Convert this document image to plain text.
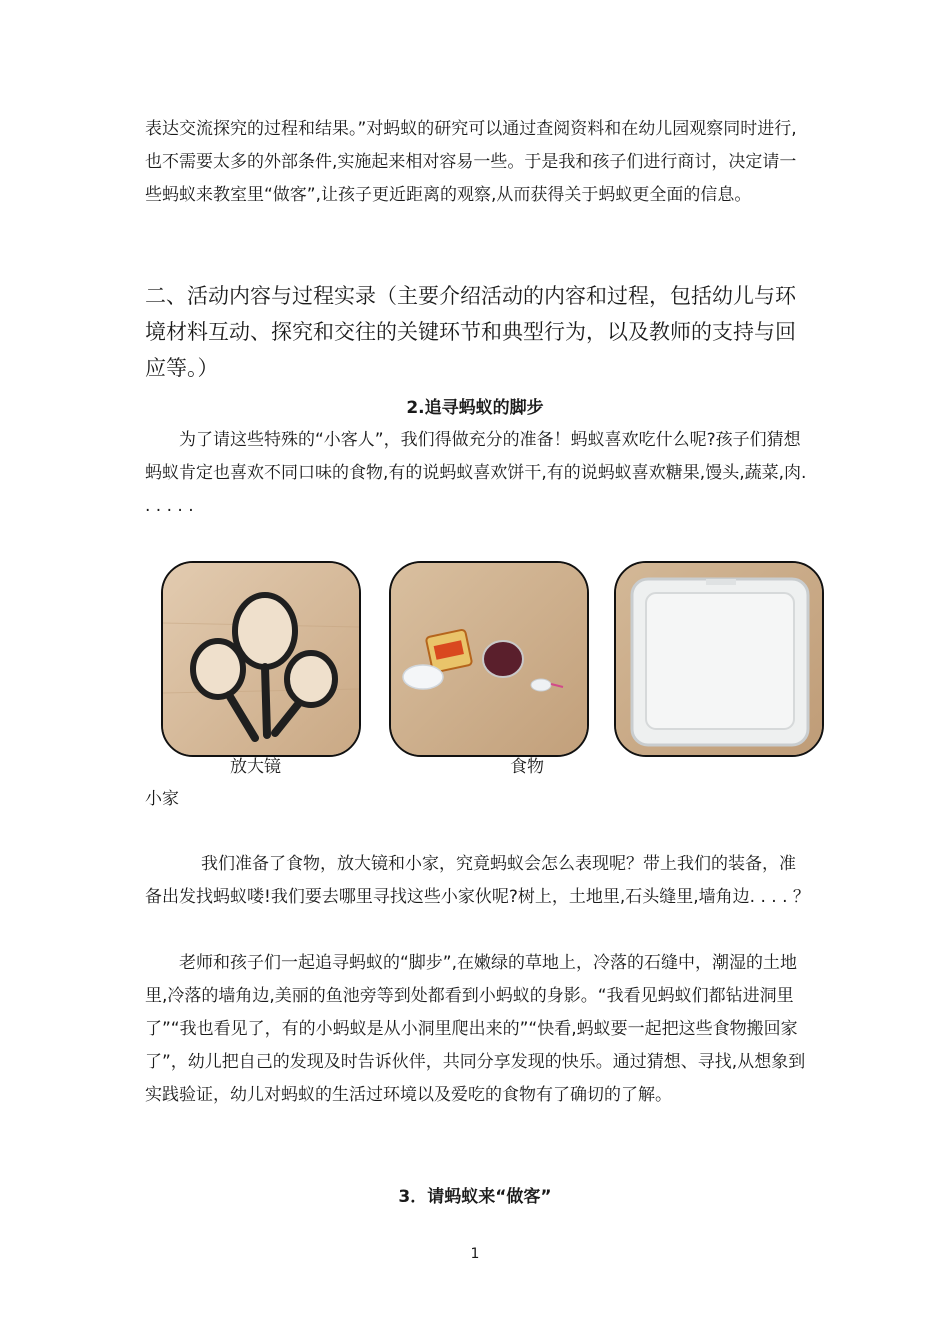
表达交流探究的过程和结果。”对蚂蚁的研究可以通过查阅资料和在幼儿园观察同时进行,也不需要太多的外部条件,实施起来相对容易一些。于是我和孩子们进行商讨，决定请一些蚂蚁来教室里“做客”,让孩子更近距离的观察,从而获得关于蚂蚁更全面的信息。

二、活动内容与过程实录（主要介绍活动的内容和过程，包括幼儿与环境材料互动、探究和交往的关键环节和典型行为，以及教师的支持与回应等。）

2.追寻蚂蚁的脚步

为了请这些特殊的“小客人”，我们得做充分的准备！蚂蚁喜欢吃什么呢?孩子们猜想蚂蚁肯定也喜欢不同口味的食物,有的说蚂蚁喜欢饼干,有的说蚂蚁喜欢糖果,馒头,蔬菜,肉. . . . . .

放大镜	食物
小家

我们准备了食物，放大镜和小家，究竟蚂蚁会怎么表现呢？带上我们的装备，准备出发找蚂蚁喽!我们要去哪里寻找这些小家伙呢?树上，土地里,石头缝里,墙角边. . . . ？

老师和孩子们一起追寻蚂蚁的“脚步”,在嫩绿的草地上，冷落的石缝中，潮湿的土地里,冷落的墙角边,美丽的鱼池旁等到处都看到小蚂蚁的身影。“我看见蚂蚁们都钻进洞里了”“我也看见了，有的小蚂蚁是从小洞里爬出来的”“快看,蚂蚁要一起把这些食物搬回家了”，幼儿把自己的发现及时告诉伙伴，共同分享发现的快乐。通过猜想、寻找,从想象到实践验证，幼儿对蚂蚁的生活过环境以及爱吃的食物有了确切的了解。

3．请蚂蚁来“做客”

1
